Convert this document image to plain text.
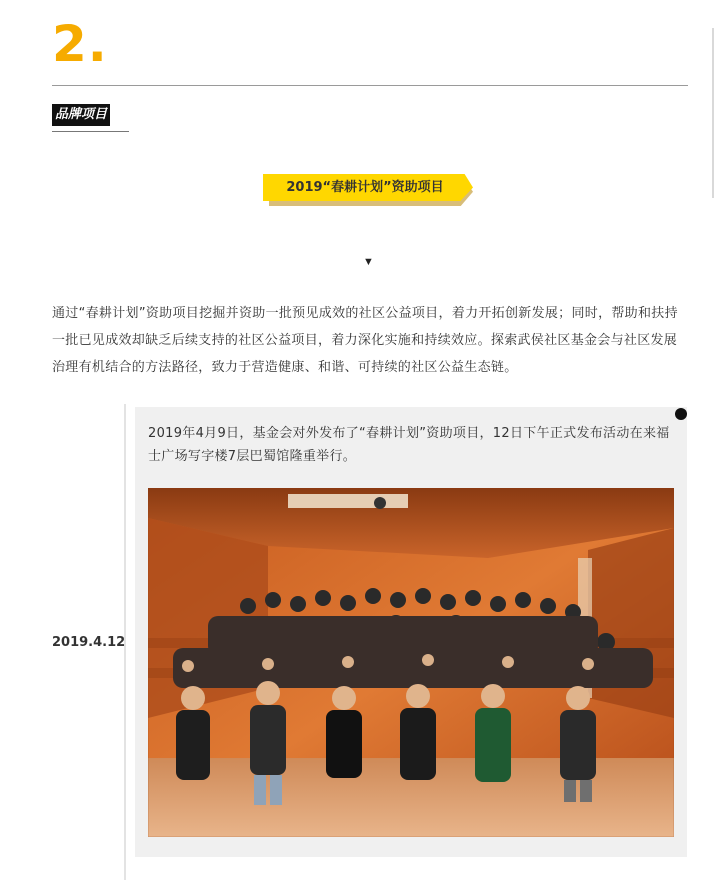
2.
品牌项目
2019“春耕计划”资助项目
▼
通过“春耕计划”资助项目挖掘并资助一批预见成效的社区公益项目，着力开拓创新发展；同时，帮助和扶持一批已见成效却缺乏后续支持的社区公益项目，着力深化实施和持续效应。探索武侯社区基金会与社区发展治理有机结合的方法路径，致力于营造健康、和谐、可持续的社区公益生态链。
2019年4月9日，基金会对外发布了“春耕计划”资助项目，12日下午正式发布活动在来福士广场写字楼7层巴蜀馆隆重举行。
2019.4.12
